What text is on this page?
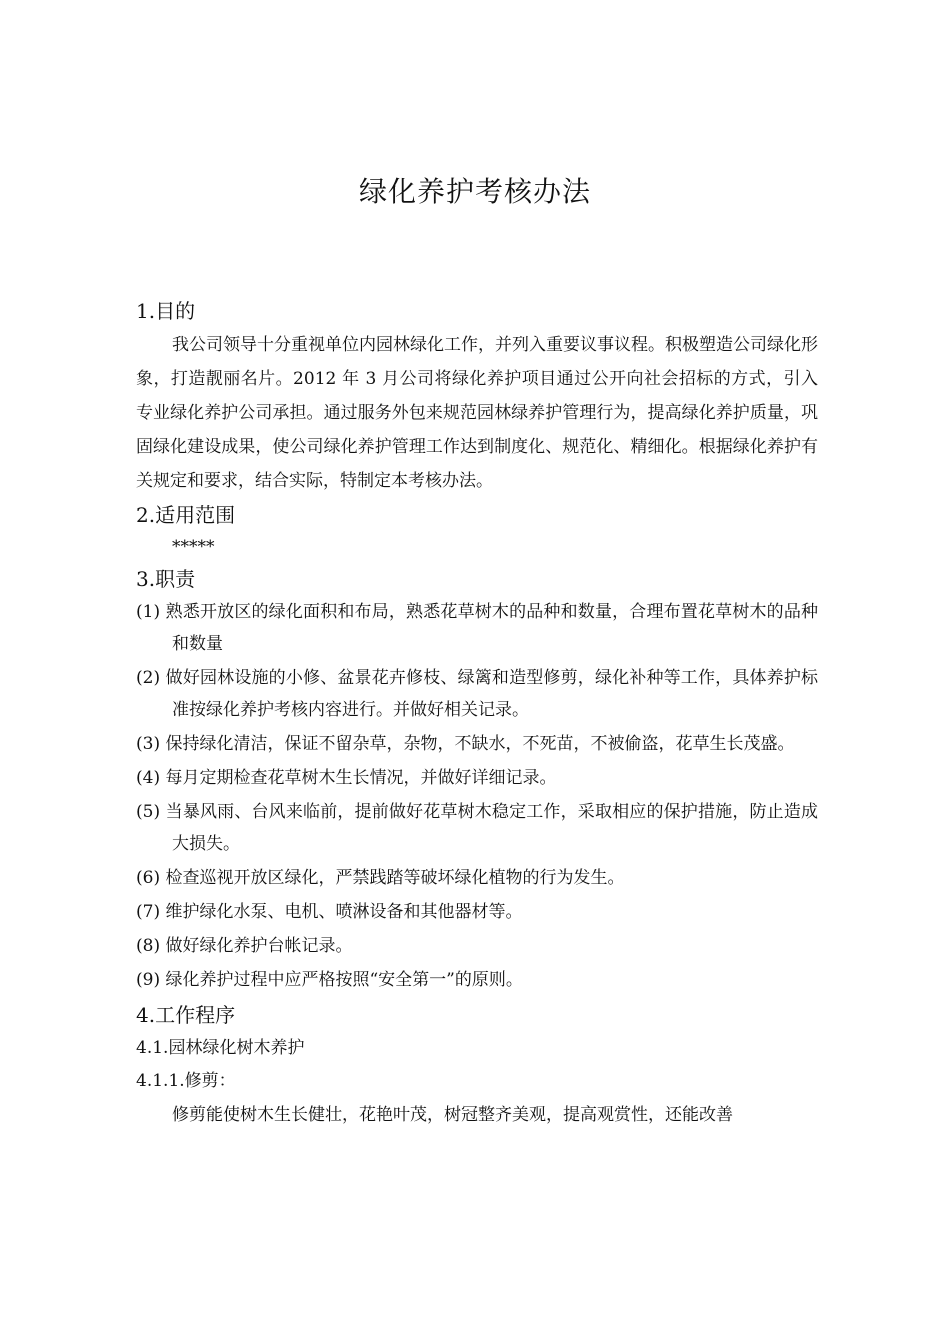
绿化养护考核办法

1.目的

我公司领导十分重视单位内园林绿化工作，并列入重要议事议程。积极塑造公司绿化形象，打造靓丽名片。2012 年 3 月公司将绿化养护项目通过公开向社会招标的方式，引入专业绿化养护公司承担。通过服务外包来规范园林绿养护管理行为，提高绿化养护质量，巩固绿化建设成果，使公司绿化养护管理工作达到制度化、规范化、精细化。根据绿化养护有关规定和要求，结合实际，特制定本考核办法。

2.适用范围

*****

3.职责

(1) 熟悉开放区的绿化面积和布局，熟悉花草树木的品种和数量，合理布置花草树木的品种和数量

(2) 做好园林设施的小修、盆景花卉修枝、绿篱和造型修剪，绿化补种等工作，具体养护标准按绿化养护考核内容进行。并做好相关记录。

(3) 保持绿化清洁，保证不留杂草，杂物，不缺水，不死苗，不被偷盗，花草生长茂盛。

(4) 每月定期检查花草树木生长情况，并做好详细记录。

(5) 当暴风雨、台风来临前，提前做好花草树木稳定工作，采取相应的保护措施，防止造成大损失。

(6) 检查巡视开放区绿化，严禁践踏等破坏绿化植物的行为发生。

(7) 维护绿化水泵、电机、喷淋设备和其他器材等。

(8) 做好绿化养护台帐记录。

(9) 绿化养护过程中应严格按照“安全第一”的原则。

4.工作程序

4.1.园林绿化树木养护

4.1.1.修剪：

修剪能使树木生长健壮，花艳叶茂，树冠整齐美观，提高观赏性，还能改善
